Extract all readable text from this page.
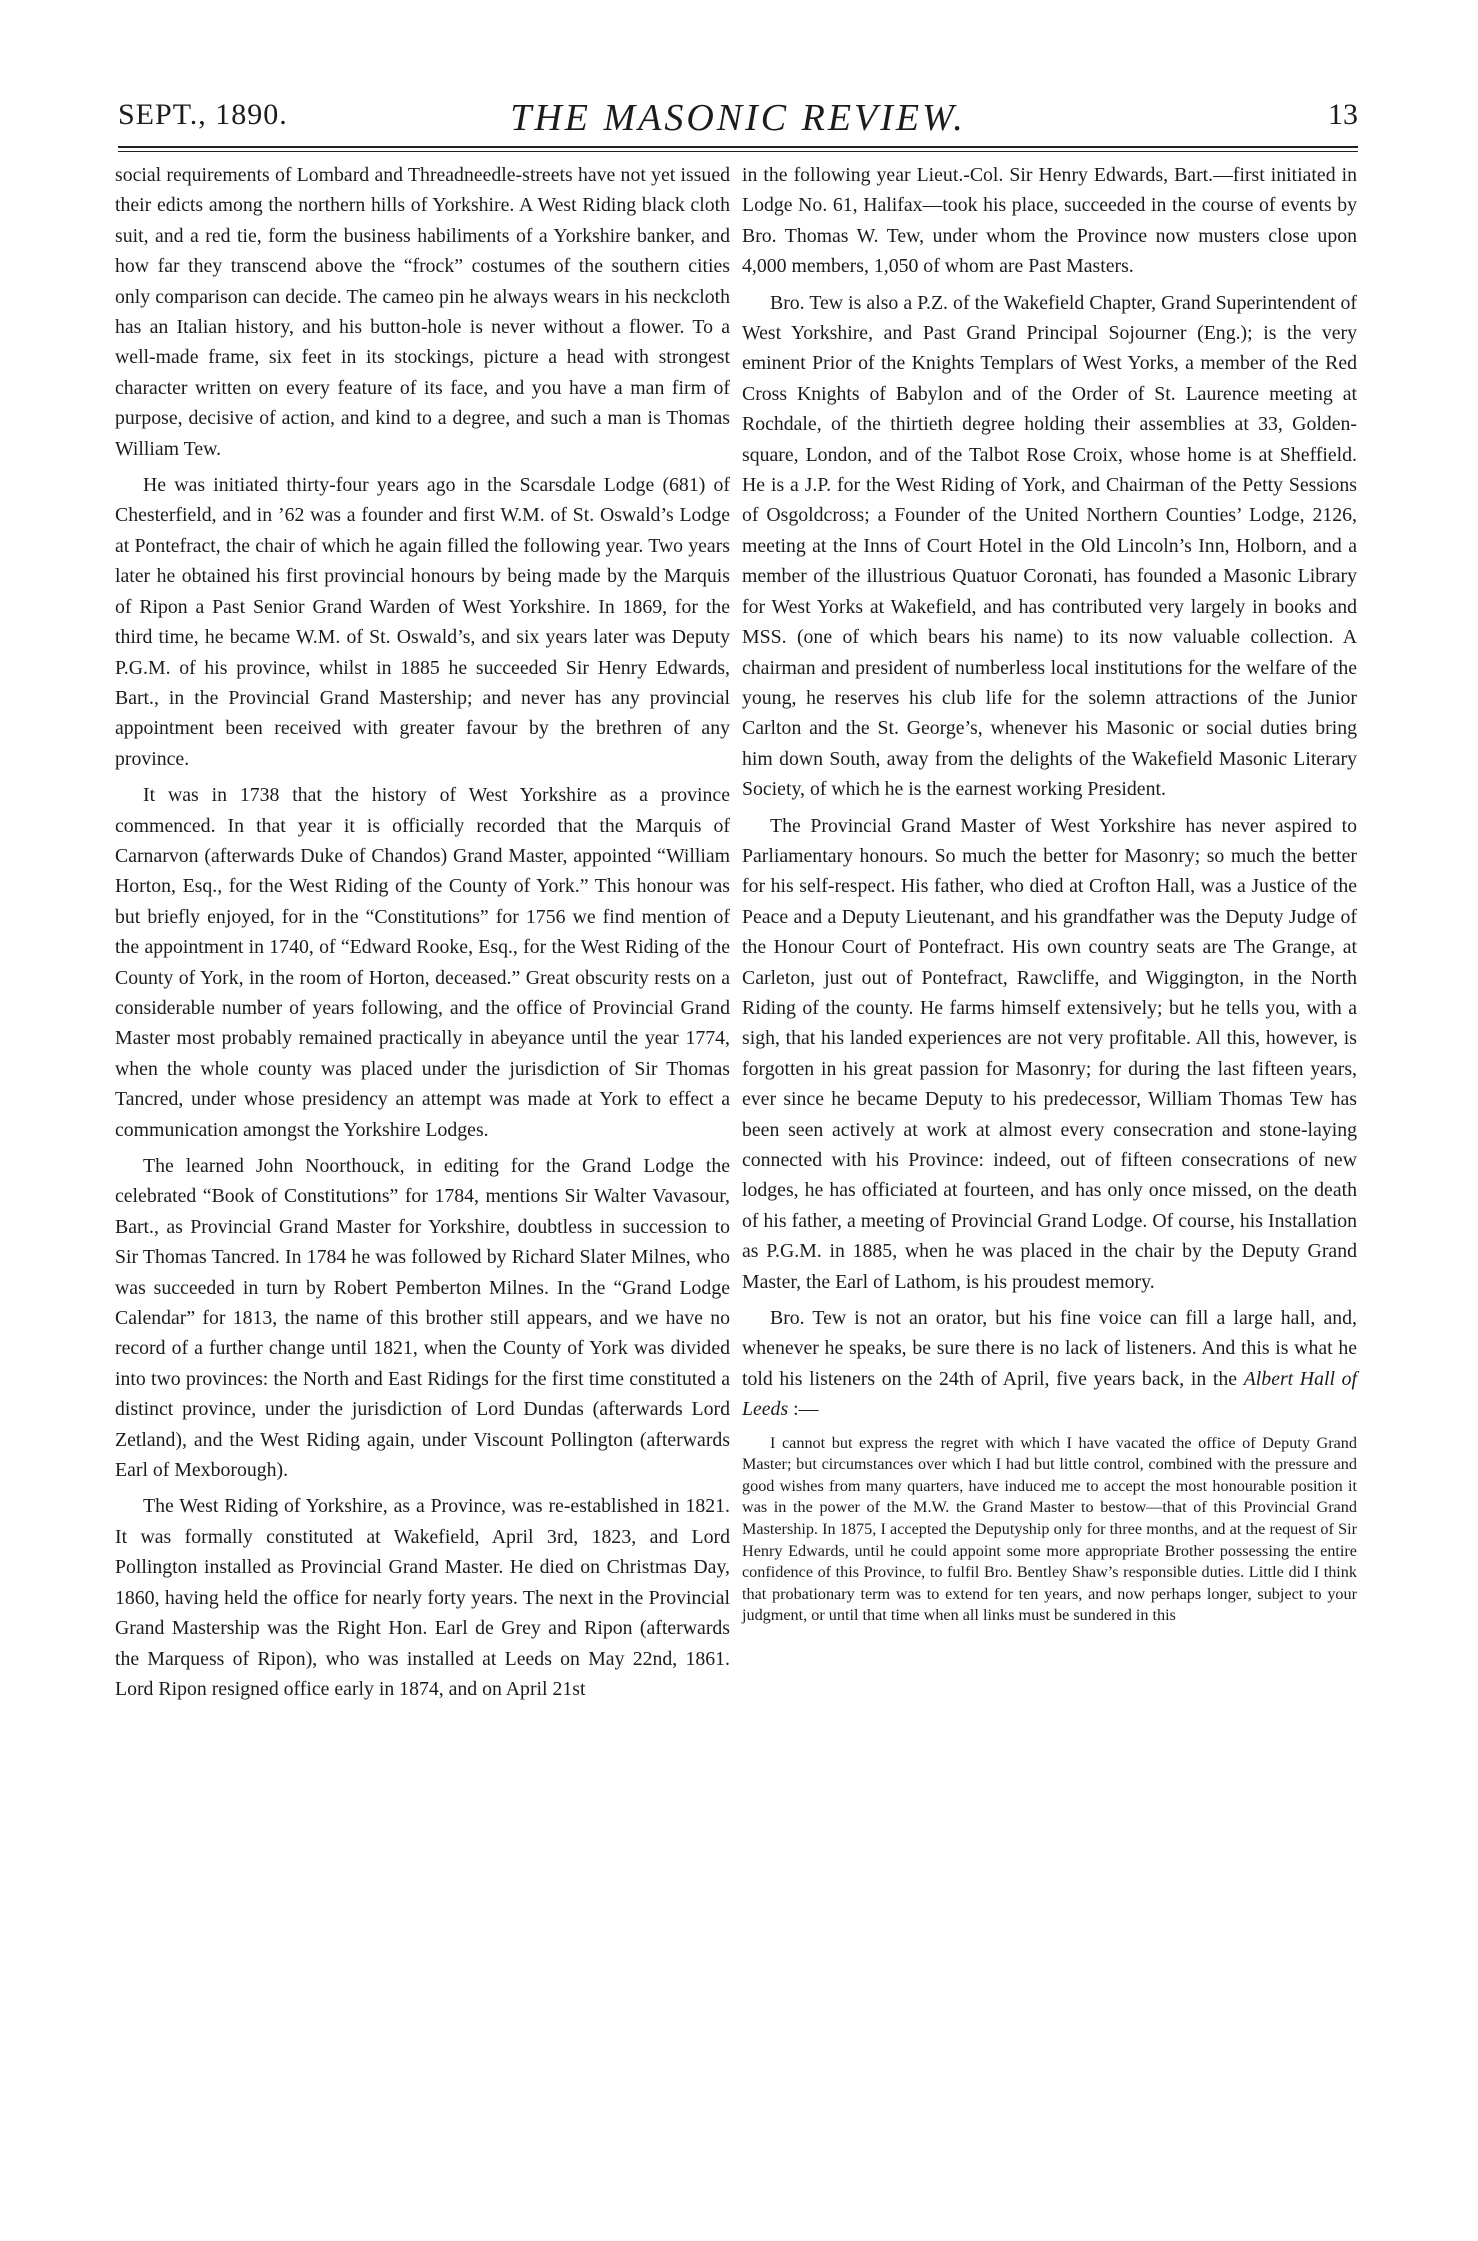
SEPT., 1890.	THE MASONIC REVIEW.	13

social requirements of Lombard and Threadneedle-streets have not yet issued their edicts among the northern hills of Yorkshire. A West Riding black cloth suit, and a red tie, form the business habiliments of a Yorkshire banker, and how far they transcend above the “frock” costumes of the southern cities only comparison can decide. The cameo pin he always wears in his neckcloth has an Italian history, and his button-hole is never without a flower. To a well-made frame, six feet in its stockings, picture a head with strongest character written on every feature of its face, and you have a man firm of purpose, decisive of action, and kind to a degree, and such a man is Thomas William Tew.

He was initiated thirty-four years ago in the Scarsdale Lodge (681) of Chesterfield, and in ’62 was a founder and first W.M. of St. Oswald’s Lodge at Pontefract, the chair of which he again filled the following year. Two years later he obtained his first provincial honours by being made by the Marquis of Ripon a Past Senior Grand Warden of West Yorkshire. In 1869, for the third time, he became W.M. of St. Oswald’s, and six years later was Deputy P.G.M. of his province, whilst in 1885 he succeeded Sir Henry Edwards, Bart., in the Provincial Grand Mastership; and never has any provincial appointment been received with greater favour by the brethren of any province.

It was in 1738 that the history of West Yorkshire as a province commenced. In that year it is officially recorded that the Marquis of Carnarvon (afterwards Duke of Chandos) Grand Master, appointed “William Horton, Esq., for the West Riding of the County of York.” This honour was but briefly enjoyed, for in the “Constitutions” for 1756 we find mention of the appointment in 1740, of “Edward Rooke, Esq., for the West Riding of the County of York, in the room of Horton, deceased.” Great obscurity rests on a considerable number of years following, and the office of Provincial Grand Master most probably remained practically in abeyance until the year 1774, when the whole county was placed under the jurisdiction of Sir Thomas Tancred, under whose presidency an attempt was made at York to effect a communication amongst the Yorkshire Lodges.

The learned John Noorthouck, in editing for the Grand Lodge the celebrated “Book of Constitutions” for 1784, mentions Sir Walter Vavasour, Bart., as Provincial Grand Master for Yorkshire, doubtless in succession to Sir Thomas Tancred. In 1784 he was followed by Richard Slater Milnes, who was succeeded in turn by Robert Pemberton Milnes. In the “Grand Lodge Calendar” for 1813, the name of this brother still appears, and we have no record of a further change until 1821, when the County of York was divided into two provinces: the North and East Ridings for the first time constituted a distinct province, under the jurisdiction of Lord Dundas (afterwards Lord Zetland), and the West Riding again, under Viscount Pollington (afterwards Earl of Mexborough).

The West Riding of Yorkshire, as a Province, was re-established in 1821. It was formally constituted at Wakefield, April 3rd, 1823, and Lord Pollington installed as Provincial Grand Master. He died on Christmas Day, 1860, having held the office for nearly forty years. The next in the Provincial Grand Mastership was the Right Hon. Earl de Grey and Ripon (afterwards the Marquess of Ripon), who was installed at Leeds on May 22nd, 1861. Lord Ripon resigned office early in 1874, and on April 21st

in the following year Lieut.-Col. Sir Henry Edwards, Bart.—first initiated in Lodge No. 61, Halifax—took his place, succeeded in the course of events by Bro. Thomas W. Tew, under whom the Province now musters close upon 4,000 members, 1,050 of whom are Past Masters.

Bro. Tew is also a P.Z. of the Wakefield Chapter, Grand Superintendent of West Yorkshire, and Past Grand Principal Sojourner (Eng.); is the very eminent Prior of the Knights Templars of West Yorks, a member of the Red Cross Knights of Babylon and of the Order of St. Laurence meeting at Rochdale, of the thirtieth degree holding their assemblies at 33, Golden-square, London, and of the Talbot Rose Croix, whose home is at Sheffield. He is a J.P. for the West Riding of York, and Chairman of the Petty Sessions of Osgoldcross; a Founder of the United Northern Counties’ Lodge, 2126, meeting at the Inns of Court Hotel in the Old Lincoln’s Inn, Holborn, and a member of the illustrious Quatuor Coronati, has founded a Masonic Library for West Yorks at Wakefield, and has contributed very largely in books and MSS. (one of which bears his name) to its now valuable collection. A chairman and president of numberless local institutions for the welfare of the young, he reserves his club life for the solemn attractions of the Junior Carlton and the St. George’s, whenever his Masonic or social duties bring him down South, away from the delights of the Wakefield Masonic Literary Society, of which he is the earnest working President.

The Provincial Grand Master of West Yorkshire has never aspired to Parliamentary honours. So much the better for Masonry; so much the better for his self-respect. His father, who died at Crofton Hall, was a Justice of the Peace and a Deputy Lieutenant, and his grandfather was the Deputy Judge of the Honour Court of Pontefract. His own country seats are The Grange, at Carleton, just out of Pontefract, Rawcliffe, and Wiggington, in the North Riding of the county. He farms himself extensively; but he tells you, with a sigh, that his landed experiences are not very profitable. All this, however, is forgotten in his great passion for Masonry; for during the last fifteen years, ever since he became Deputy to his predecessor, William Thomas Tew has been seen actively at work at almost every consecration and stone-laying connected with his Province: indeed, out of fifteen consecrations of new lodges, he has officiated at fourteen, and has only once missed, on the death of his father, a meeting of Provincial Grand Lodge. Of course, his Installation as P.G.M. in 1885, when he was placed in the chair by the Deputy Grand Master, the Earl of Lathom, is his proudest memory.

Bro. Tew is not an orator, but his fine voice can fill a large hall, and, whenever he speaks, be sure there is no lack of listeners. And this is what he told his listeners on the 24th of April, five years back, in the Albert Hall of Leeds :—

I cannot but express the regret with which I have vacated the office of Deputy Grand Master; but circumstances over which I had but little control, combined with the pressure and good wishes from many quarters, have induced me to accept the most honourable position it was in the power of the M.W. the Grand Master to bestow—that of this Provincial Grand Mastership. In 1875, I accepted the Deputyship only for three months, and at the request of Sir Henry Edwards, until he could appoint some more appropriate Brother possessing the entire confidence of this Province, to fulfil Bro. Bentley Shaw’s responsible duties. Little did I think that probationary term was to extend for ten years, and now perhaps longer, subject to your judgment, or until that time when all links must be sundered in this
